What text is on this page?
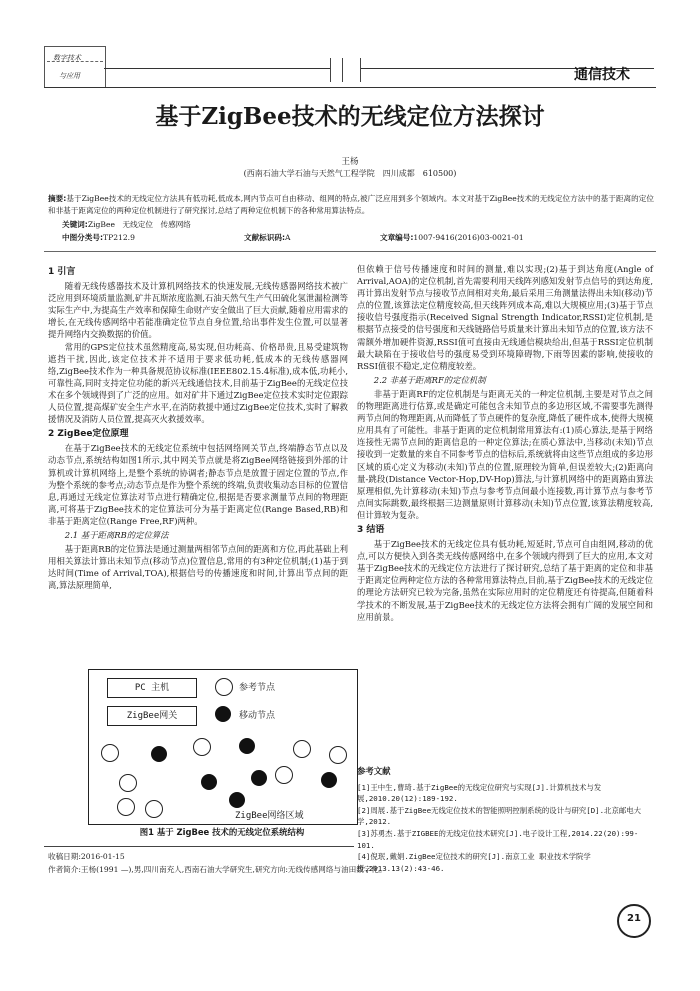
数字技术
与应用	通信技术
基于ZigBee技术的无线定位方法探讨
王杨
(西南石油大学石油与天然气工程学院　四川成都　610500)
摘要:基于ZigBee技术的无线定位方法具有低功耗,低成本,网内节点可自由移动、组网的特点,被广泛应用到多个领域内。本文对基于ZigBee技术的无线定位方法中的基于距离的定位和非基于距离定位的两种定位机制进行了研究探讨,总结了两种定位机制下的各种常用算法特点。
关键词:ZigBee　无线定位　传感网络
中图分类号:TP212.9	文献标识码:A	文章编号:1007-9416(2016)03-0021-01
1 引言

随着无线传感器技术及计算机网络技术的快速发展,无线传感器网络技术被广泛应用到环境质量监测,矿井瓦斯浓度监测,石油天然气生产气田硫化氢泄漏检测等实际生产中,为提高生产效率和保障生命财产安全做出了巨大贡献,随着应用需求的增长,在无线传感网络中若能准确定位节点自身位置,给出事件发生位置,可以显著提升网络内交换数据的价值。

常用的GPS定位技术虽然精度高,易实现,但功耗高、价格昂贵,且易受建筑物遮挡干扰,因此,该定位技术并不适用于要求低功耗,低成本的无线传感器网络,ZigBee技术作为一种具备规范协议标准(IEEE802.15.4标准),成本低,功耗小,可靠性高,同时支持定位功能的新兴无线通信技术,目前基于ZigBee的无线定位技术在多个领域得到了广泛的应用。如对矿井下通过ZigBee定位技术实时定位跟踪人员位置,提高煤矿安全生产水平,在消防救援中通过ZigBee定位技术,实时了解救援情况及消防人员位置,提高灭火救援效率。

2 ZigBee定位原理

在基于ZigBee技术的无线定位系统中包括网络网关节点,终端静态节点以及动态节点,系统结构如图1所示,其中网关节点就是将ZigBee网络链接到外部的计算机或计算机网络上,是整个系统的协调者;静态节点是放置于固定位置的节点,作为整个系统的参考点;动态节点是作为整个系统的终端,负责收集动态目标的位置信息,再通过无线定位算法对节点进行精确定位,根据是否要求测量节点间的物理距离,可将基于ZigBee技术的定位算法可分为基于距离定位(Range Based,RB)和非基于距离定位(Range Free,RF)两种。

2.1 基于距离RB的定位算法

基于距离RB的定位算法是通过测量两相邻节点间的距离和方位,再此基础上利用相关算法计算出未知节点(移动节点)位置信息,常用的有3种定位机制;(1)基于到达时间(Time of Arrival,TOA),根据信号的传播速度和时间,计算出节点间的距离,算法原理简单,

PC 主机
ZigBee网关
参考节点
移动节点
ZigBee网络区域
图1 基于 ZigBee 技术的无线定位系统结构

但依赖于信号传播速度和时间的测量,难以实现;(2)基于到达角度(Angle of Arrival,AOA)的定位机制,首先需要利用天线阵列感知发射节点信号的到达角度,再计算出发射节点与接收节点间相对夹角,最后采用三角测量法得出未知(移动)节点的位置,该算法定位精度较高,但天线阵列成本高,难以大规模应用;(3)基于节点接收信号强度指示(Received Signal Strength Indicator,RSSI)定位机制,是根据节点接受的信号强度和天线链路信号质量来计算出未知节点的位置,该方法不需额外增加硬件资源,RSSI值可直接由无线通信模块给出,但基于RSSI定位机制最大缺陷在于接收信号的强度易受到环境障碍物,下雨等因素的影响,使接收的RSSI值很不稳定,定位精度较差。

2.2 非基于距离RF的定位机制

非基于距离RF的定位机制是与距离无关的一种定位机制,主要是对节点之间的物理距离进行估算,或是确定可能包含未知节点的多边形区域,不需要事先测得两节点间的物理距离,从而降低了节点硬件的复杂度,降低了硬件成本,使得大规模应用具有了可能性。非基于距离的定位机制常用算法有:(1)质心算法,是基于网络连接性无需节点间的距离信息的一种定位算法;在质心算法中,当移动(未知)节点接收到一定数量的来自不同参考节点的信标后,系统就将由这些节点组成的多边形区域的质心定义为移动(未知)节点的位置,原理较为简单,但误差较大;(2)距离向量-跳段(Distance Vector-Hop,DV-Hop)算法,与计算机网络中的距离路由算法原理相似,先计算移动(未知)节点与参考节点间最小连接数,再计算节点与参考节点间实际跳数,最终根据三边测量原则计算移动(未知)节点位置,该算法精度较高,但计算较为复杂。

3 结语

基于ZigBee技术的无线定位具有低功耗,短延时,节点可自由组网,移动的优点,可以方便快入到各类无线传感网络中,在多个领域内得到了巨大的应用,本文对基于ZigBee技术的无线定位方法进行了探讨研究,总结了基于距离的定位和非基于距离定位两种定位方法的各种常用算法特点,目前,基于ZigBee技术的无线定位的理论方法研究已较为完备,虽然在实际应用时的定位精度还有待提高,但随着科学技术的不断发展,基于ZigBee技术的无线定位方法将会拥有广阔的发展空间和应用前景。

参考文献
[1]王中生,曹琦.基于ZigBee的无线定位研究与实现[J].计算机技术与发展,2010.20(12):189-192.
[2]周展.基于ZigBee无线定位技术的智能照明控制系统的设计与研究[D].北京邮电大学,2012.
[3]苏勇杰.基于ZIGBEE的无线定位技术研究[J].电子设计工程,2014.22(20):99-101.
[4]倪珉,戴娟.ZigBee定位技术的研究[J].南京工业 职业技术学院学报,2013.13(2):43-46.
收稿日期:2016-01-15
作者简介:王杨(1991 —),男,四川南充人,西南石油大学研究生,研究方向:无线传感网络与油田数字化。
21
